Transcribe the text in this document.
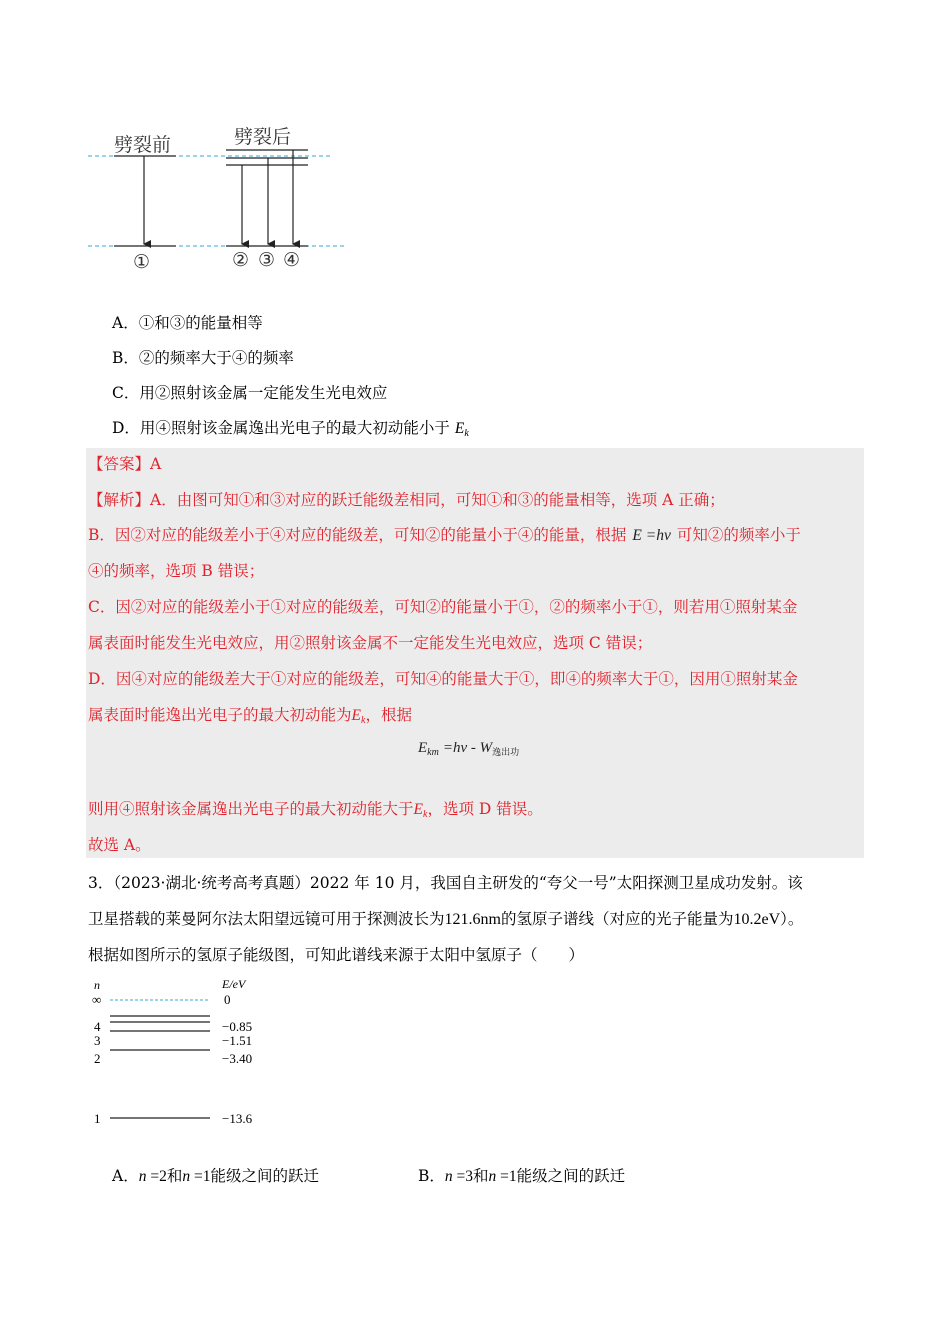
劈裂前	劈裂后
①	② ③ ④
A．①和③的能量相等
B．②的频率大于④的频率
C．用②照射该金属一定能发生光电效应
D．用④照射该金属逸出光电子的最大初动能小于 $E_k$
【答案】A
【解析】A．由图可知①和③对应的跃迁能级差相同，可知①和③的能量相等，选项 A 正确；
B．因②对应的能级差小于④对应的能级差，可知②的能量小于④的能量，根据 E =hν 可知②的频率小于
④的频率，选项 B 错误；
C．因②对应的能级差小于①对应的能级差，可知②的能量小于①，②的频率小于①，则若用①照射某金
属表面时能发生光电效应，用②照射该金属不一定能发生光电效应，选项 C 错误；
D．因④对应的能级差大于①对应的能级差，可知④的能量大于①，即④的频率大于①，因用①照射某金
属表面时能逸出光电子的最大初动能为$E_k$，根据
$E_{km} =h\nu - W_{逸出功}$
则用④照射该金属逸出光电子的最大初动能大于$E_k$，选项 D 错误。
故选 A。
3．（2023·湖北·统考高考真题）2022 年 10 月，我国自主研发的“夸父一号”太阳探测卫星成功发射。该
卫星搭载的莱曼阿尔法太阳望远镜可用于探测波长为121.6nm的氢原子谱线（对应的光子能量为10.2eV）。
根据如图所示的氢原子能级图，可知此谱线来源于太阳中氢原子（　　）
n	E/eV
∞	0
4	−0.85
3	−1.51
2	−3.40
1	−13.6
A．n =2和n =1能级之间的跃迁	B．n =3和n =1能级之间的跃迁
